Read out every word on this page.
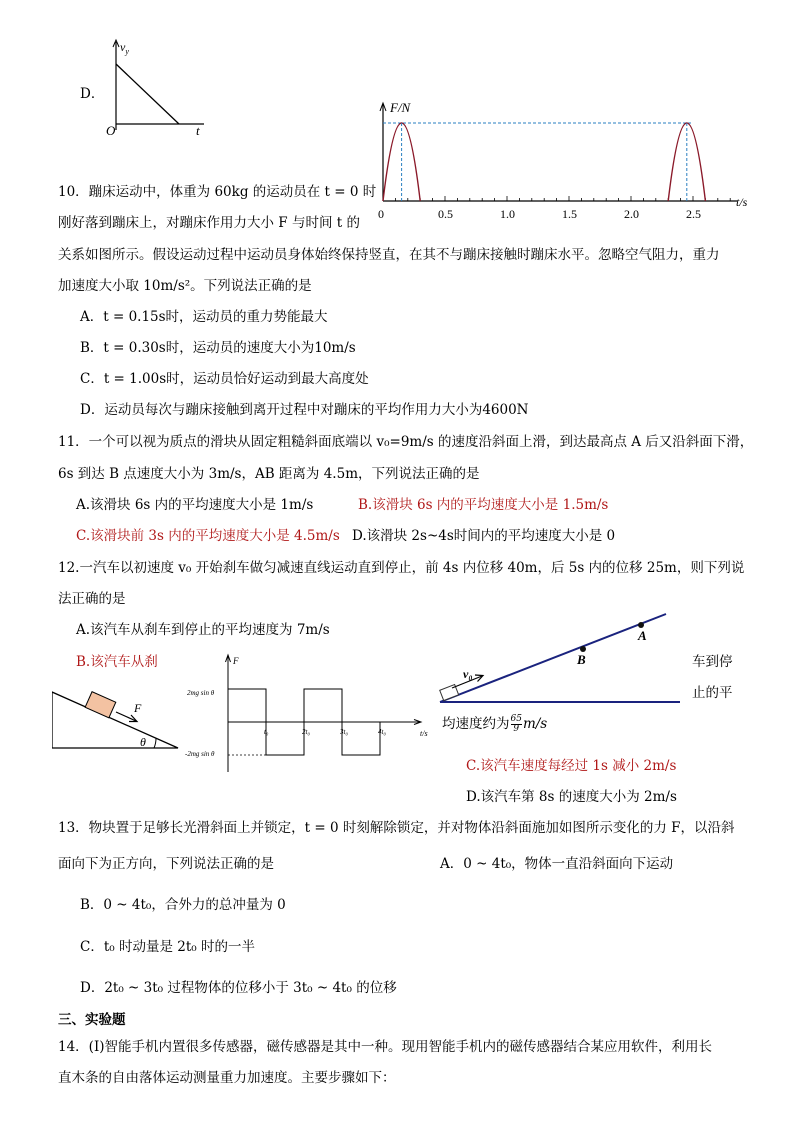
D．
$v_y$
O	t
10．蹦床运动中，体重为 60kg 的运动员在 t = 0 时
刚好落到蹦床上，对蹦床作用力大小 F 与时间 t 的
关系如图所示。假设运动过程中运动员身体始终保持竖直，在其不与蹦床接触时蹦床水平。忽略空气阻力，重力
加速度大小取 10m/s²。下列说法正确的是
A．t = 0.15s时，运动员的重力势能最大
B．t = 0.30s时，运动员的速度大小为10m/s
C．t = 1.00s时，运动员恰好运动到最大高度处
D．运动员每次与蹦床接触到离开过程中对蹦床的平均作用力大小为4600N
F/N
t/s
0	0.5	1.0	1.5	2.0	2.5
11．一个可以视为质点的滑块从固定粗糙斜面底端以 v₀=9m/s 的速度沿斜面上滑，到达最高点 A 后又沿斜面下滑，
6s 到达 B 点速度大小为 3m/s，AB 距离为 4.5m，下列说法正确的是
A.该滑块 6s 内的平均速度大小是 1m/s	B.该滑块 6s 内的平均速度大小是 1.5m/s
C.该滑块前 3s 内的平均速度大小是 4.5m/s D.该滑块 2s~4s时间内的平均速度大小是 0
12.一汽车以初速度 v₀ 开始刹车做匀减速直线运动直到停止，前 4s 内位移 40m，后 5s 内的位移 25m，则下列说
法正确的是
A.该汽车从刹车到停止的平均速度为 7m/s
B.该汽车从刹	车到停
止的平
均速度约为 $\frac{65}{9} m/s$
C.该汽车速度每经过 1s 减小 2m/s
D.该汽车第 8s 的速度大小为 2m/s
v₀
B
A
F
θ
F
t/s
2mg sin θ
-2mg sin θ
t₀	2t₀	3t₀	4t₀
13．物块置于足够长光滑斜面上并锁定，t = 0 时刻解除锁定，并对物体沿斜面施加如图所示变化的力 F，以沿斜
面向下为正方向，下列说法正确的是	A．0 ~ 4t₀，物体一直沿斜面向下运动
B．0 ~ 4t₀，合外力的总冲量为 0
C．t₀ 时动量是 2t₀ 时的一半
D．2t₀ ~ 3t₀ 过程物体的位移小于 3t₀ ~ 4t₀ 的位移
三、实验题
14．(Ⅰ)智能手机内置很多传感器，磁传感器是其中一种。现用智能手机内的磁传感器结合某应用软件，利用长
直木条的自由落体运动测量重力加速度。主要步骤如下：
